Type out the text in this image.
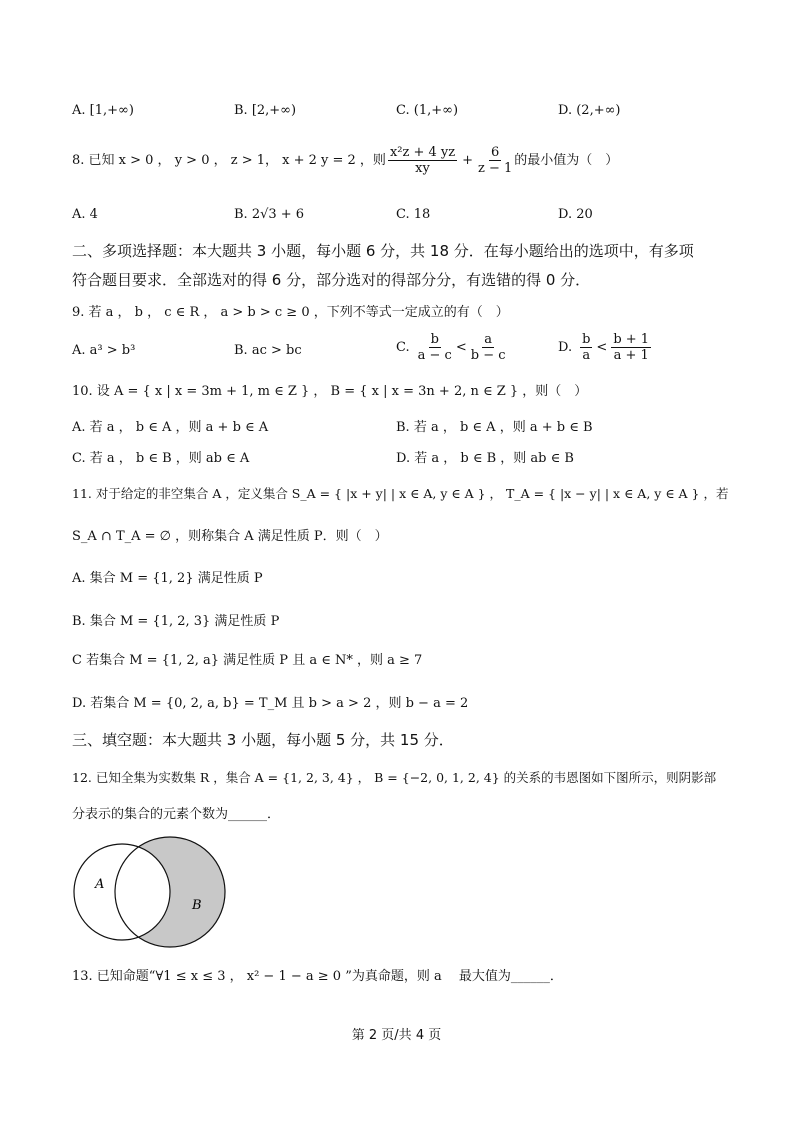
A. [1,+∞)	B. [2,+∞)	C. (1,+∞)	D. (2,+∞)
8. 已知 x > 0 ， y > 0 ， z > 1， x + 2 y = 2 ，则 $\frac{\text{x²z + 4 yz}}{xy} + \frac{6}{z - 1}$ 的最小值为（　）
A. 4	B. 2√3 + 6	C. 18	D. 20
二、多项选择题：本大题共 3 小题，每小题 6 分，共 18 分．在每小题给出的选项中，有多项
符合题目要求．全部选对的得 6 分，部分选对的得部分分，有选错的得 0 分．
9. 若 a ， b ， c ∈ R ， a > b > c ≥ 0 ，下列不等式一定成立的有（　）
A. a³ > b³	B. ac > bc	C. $\frac{b}{a - c} < \frac{a}{b - c}$	D. $\frac{b}{a} < \frac{b + 1}{a + 1}$
10. 设 A = { x | x = 3m + 1, m ∈ Z } ， B = { x | x = 3n + 2, n ∈ Z } ，则（　）
A. 若 a ， b ∈ A ，则 a + b ∈ A	B. 若 a ， b ∈ A ，则 a + b ∈ B
C. 若 a ， b ∈ B ，则 ab ∈ A	D. 若 a ， b ∈ B ，则 ab ∈ B
11. 对于给定的非空集合 A ，定义集合 S_A = { |x + y| | x ∈ A, y ∈ A } ， T_A = { |x − y| | x ∈ A, y ∈ A } ，若
S_A ∩ T_A = ∅ ，则称集合 A 满足性质 P．则（　）
A. 集合 M = {1, 2} 满足性质 P
B. 集合 M = {1, 2, 3} 满足性质 P
C 若集合 M = {1, 2, a} 满足性质 P 且 a ∈ N* ，则 a ≥ 7
D. 若集合 M = {0, 2, a, b} = T_M 且 b > a > 2 ，则 b − a = 2
三、填空题：本大题共 3 小题，每小题 5 分，共 15 分．
12. 已知全集为实数集 R ，集合 A = {1, 2, 3, 4} ， B = {−2, 0, 1, 2, 4} 的关系的韦恩图如下图所示，则阴影部
分表示的集合的元素个数为______．
A
B
13. 已知命题“∀1 ≤ x ≤ 3 ， x² − 1 − a ≥ 0 ”为真命题，则 a 　最大值为______．
第 2 页/共 4 页
